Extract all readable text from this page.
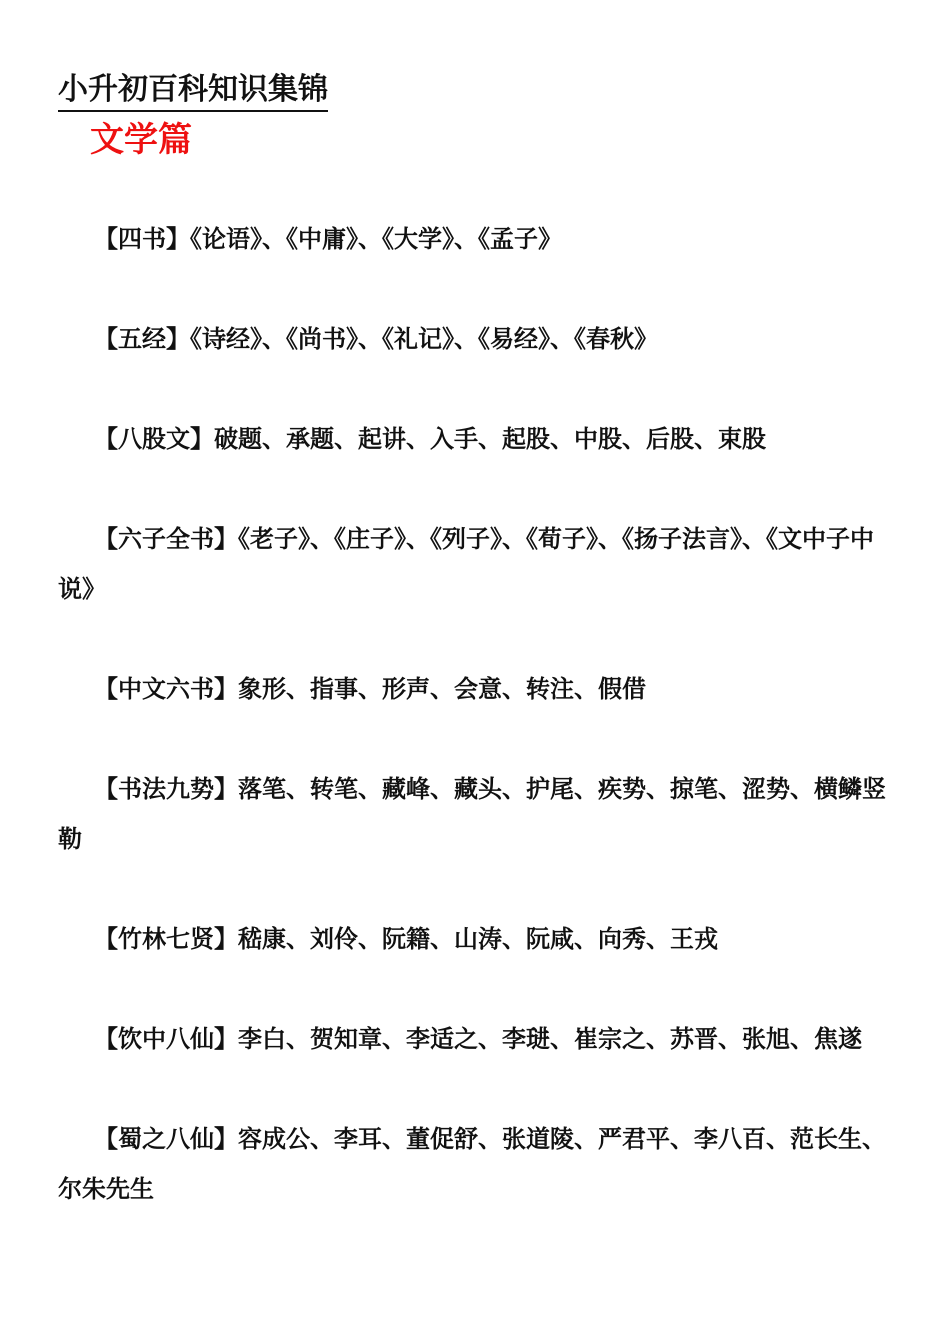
小升初百科知识集锦
文学篇

【四书】《论语》、《中庸》、《大学》、《孟子》

【五经】《诗经》、《尚书》、《礼记》、《易经》、《春秋》

【八股文】破题、承题、起讲、入手、起股、中股、后股、束股

【六子全书】《老子》、《庄子》、《列子》、《荀子》、《扬子法言》、《文中子中说》

【中文六书】象形、指事、形声、会意、转注、假借

【书法九势】落笔、转笔、藏峰、藏头、护尾、疾势、掠笔、涩势、横鳞竖勒

【竹林七贤】嵇康、刘伶、阮籍、山涛、阮咸、向秀、王戎

【饮中八仙】李白、贺知章、李适之、李琎、崔宗之、苏晋、张旭、焦遂

【蜀之八仙】容成公、李耳、董促舒、张道陵、严君平、李八百、范长生、尔朱先生
